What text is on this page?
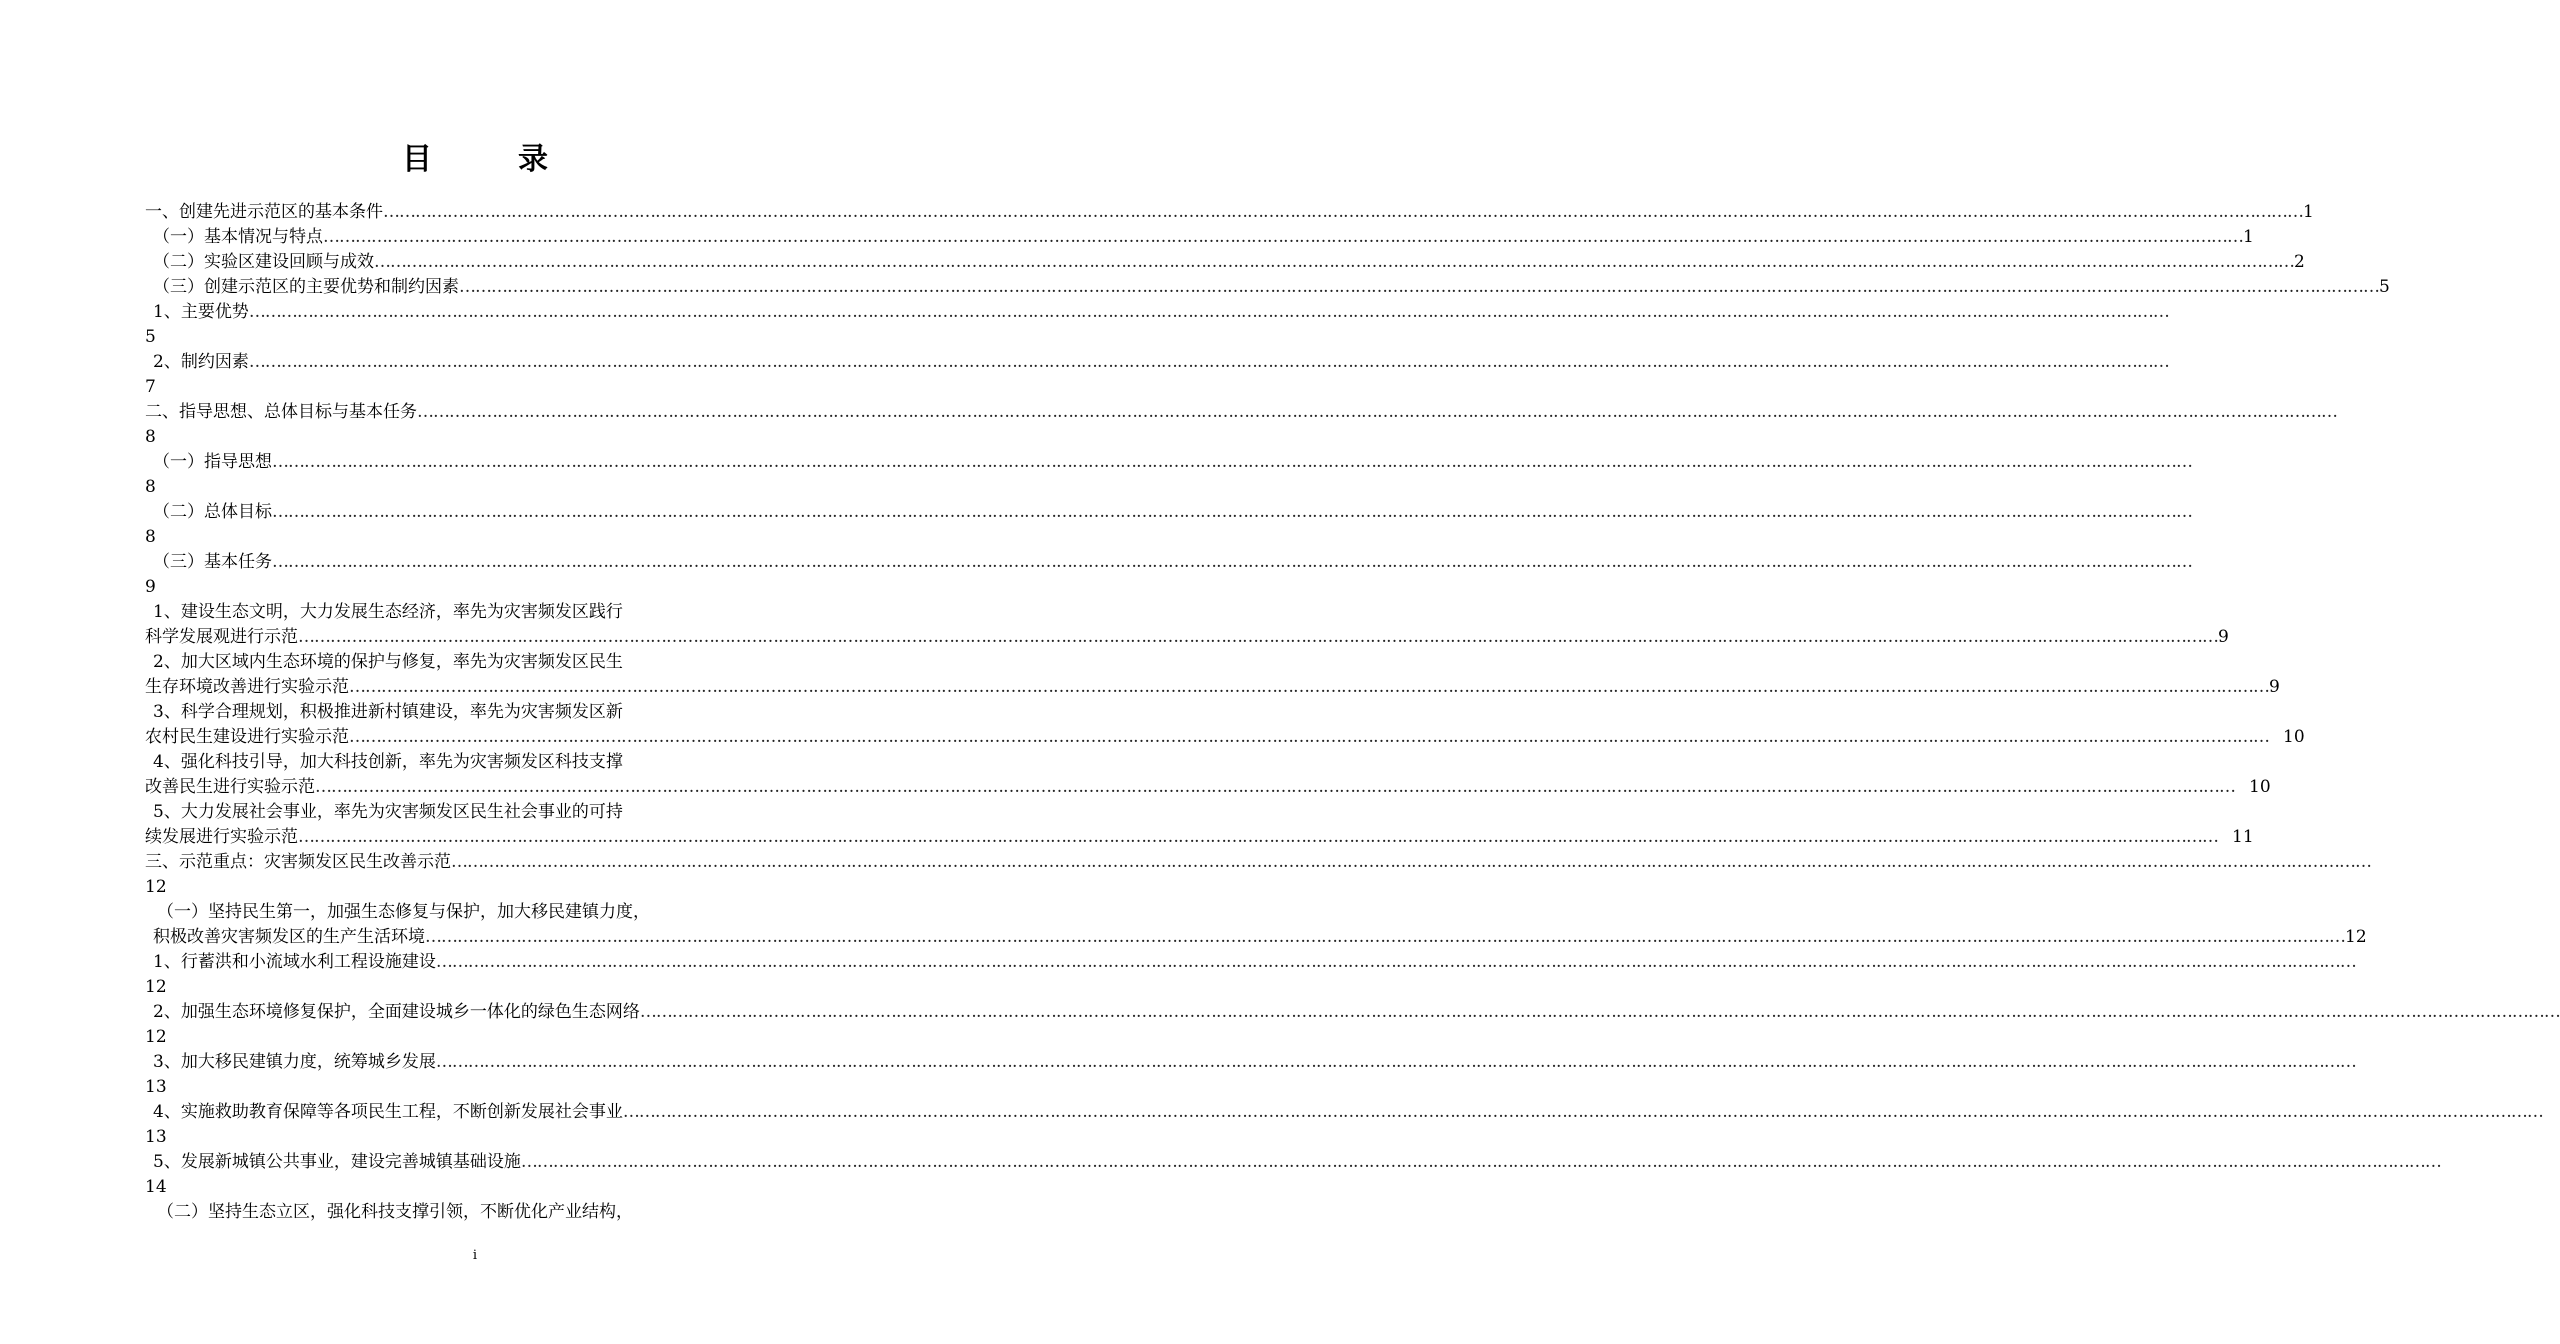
目	录
一、创建先进示范区的基本条件 ……………………………………………………………………………………………………………………………………………………………………………………………………………………………………………………………………………………………………………………………… 1
（一）基本情况与特点 ……………………………………………………………………………………………………………………………………………………………………………………………………………………………………………………………………………………………………………………………… 1
（二）实验区建设回顾与成效 ……………………………………………………………………………………………………………………………………………………………………………………………………………………………………………………………………………………………………………………………… 2
（三）创建示范区的主要优势和制约因素 ……………………………………………………………………………………………………………………………………………………………………………………………………………………………………………………………………………………………………………………………… 5
1、主要优势 ………………………………………………………………………………………………………………………………………………………………………………………………………………………………………………………………………………………………………………………………
5
2、制约因素 ………………………………………………………………………………………………………………………………………………………………………………………………………………………………………………………………………………………………………………………………
7
二、指导思想、总体目标与基本任务 ………………………………………………………………………………………………………………………………………………………………………………………………………………………………………………………………………………………………………………………………
8
（一）指导思想 ………………………………………………………………………………………………………………………………………………………………………………………………………………………………………………………………………………………………………………………………
8
（二）总体目标 ………………………………………………………………………………………………………………………………………………………………………………………………………………………………………………………………………………………………………………………………
8
（三）基本任务 ………………………………………………………………………………………………………………………………………………………………………………………………………………………………………………………………………………………………………………………………
9
1、建设生态文明，大力发展生态经济，率先为灾害频发区践行
科学发展观进行示范 ……………………………………………………………………………………………………………………………………………………………………………………………………………………………………………………………………………………………………………………………… 9
2、加大区域内生态环境的保护与修复，率先为灾害频发区民生
生存环境改善进行实验示范 ……………………………………………………………………………………………………………………………………………………………………………………………………………………………………………………………………………………………………………………………… 9
3、科学合理规划，积极推进新村镇建设，率先为灾害频发区新
农村民生建设进行实验示范 ……………………………………………………………………………………………………………………………………………………………………………………………………………………………………………………………………………………………………………………………… 10
4、强化科技引导，加大科技创新，率先为灾害频发区科技支撑
改善民生进行实验示范 ……………………………………………………………………………………………………………………………………………………………………………………………………………………………………………………………………………………………………………………………… 10
5、大力发展社会事业，率先为灾害频发区民生社会事业的可持
续发展进行实验示范 ……………………………………………………………………………………………………………………………………………………………………………………………………………………………………………………………………………………………………………………………… 11
三、示范重点：灾害频发区民生改善示范 ………………………………………………………………………………………………………………………………………………………………………………………………………………………………………………………………………………………………………………………………
12
（一）坚持民生第一，加强生态修复与保护，加大移民建镇力度，
积极改善灾害频发区的生产生活环境 ……………………………………………………………………………………………………………………………………………………………………………………………………………………………………………………………………………………………………………………………… 12
1、行蓄洪和小流域水利工程设施建设 ………………………………………………………………………………………………………………………………………………………………………………………………………………………………………………………………………………………………………………………………
12
2、加强生态环境修复保护，全面建设城乡一体化的绿色生态网络 ………………………………………………………………………………………………………………………………………………………………………………………………………………………………………………………………………………………………………………………………
12
3、加大移民建镇力度，统筹城乡发展 ………………………………………………………………………………………………………………………………………………………………………………………………………………………………………………………………………………………………………………………………
13
4、实施救助教育保障等各项民生工程，不断创新发展社会事业 ………………………………………………………………………………………………………………………………………………………………………………………………………………………………………………………………………………………………………………………………
13
5、发展新城镇公共事业，建设完善城镇基础设施 ………………………………………………………………………………………………………………………………………………………………………………………………………………………………………………………………………………………………………………………………
14
（二）坚持生态立区，强化科技支撑引领，不断优化产业结构，
i
